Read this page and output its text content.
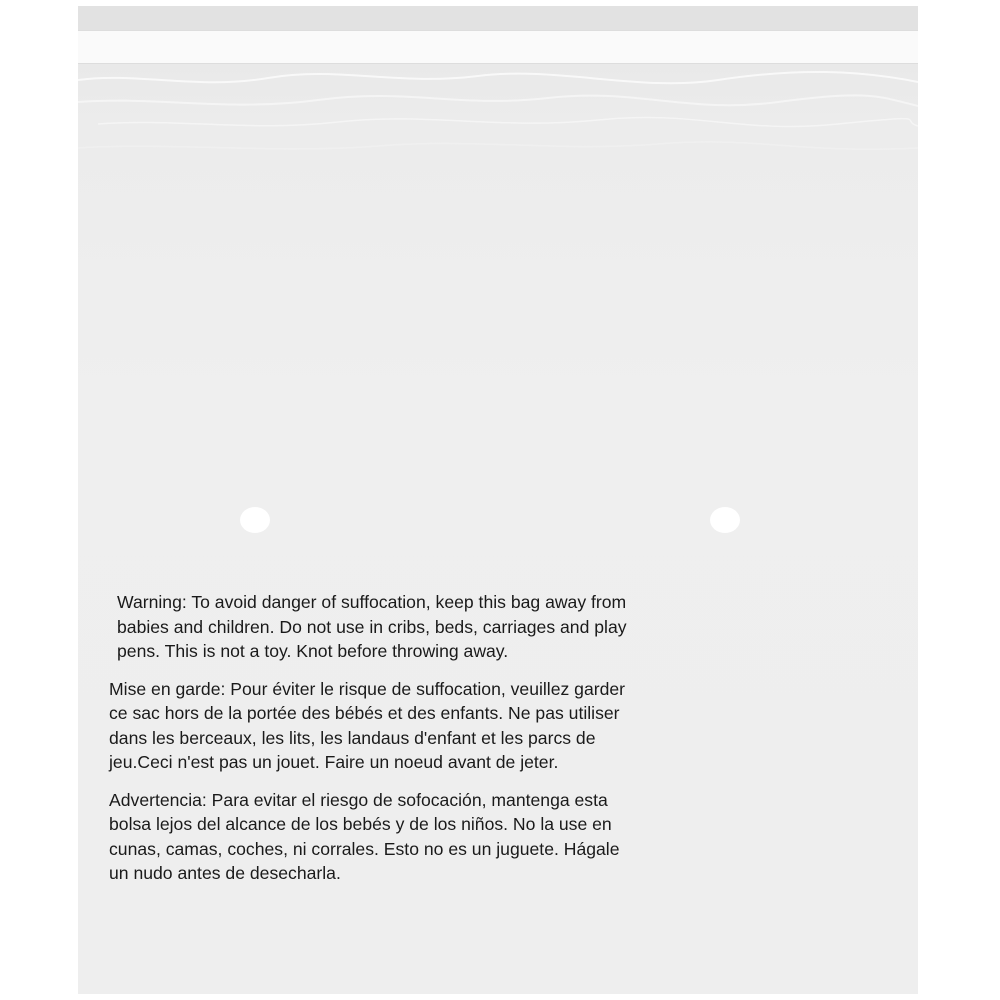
Warning: To avoid danger of suffocation, keep this bag away from
babies and children. Do not use in cribs, beds, carriages and play
pens. This is not a toy. Knot before throwing away.
Mise en garde: Pour éviter le risque de suffocation, veuillez garder
ce sac hors de la portée des bébés et des enfants. Ne pas utiliser
dans les berceaux, les lits, les landaus d'enfant et les parcs de
jeu.Ceci n'est pas un jouet. Faire un noeud avant de jeter.
Advertencia: Para evitar el riesgo de sofocación, mantenga esta
bolsa lejos del alcance de los bebés y de los niños. No la use en
cunas, camas, coches, ni corrales. Esto no es un juguete. Hágale
un nudo antes de desecharla.
